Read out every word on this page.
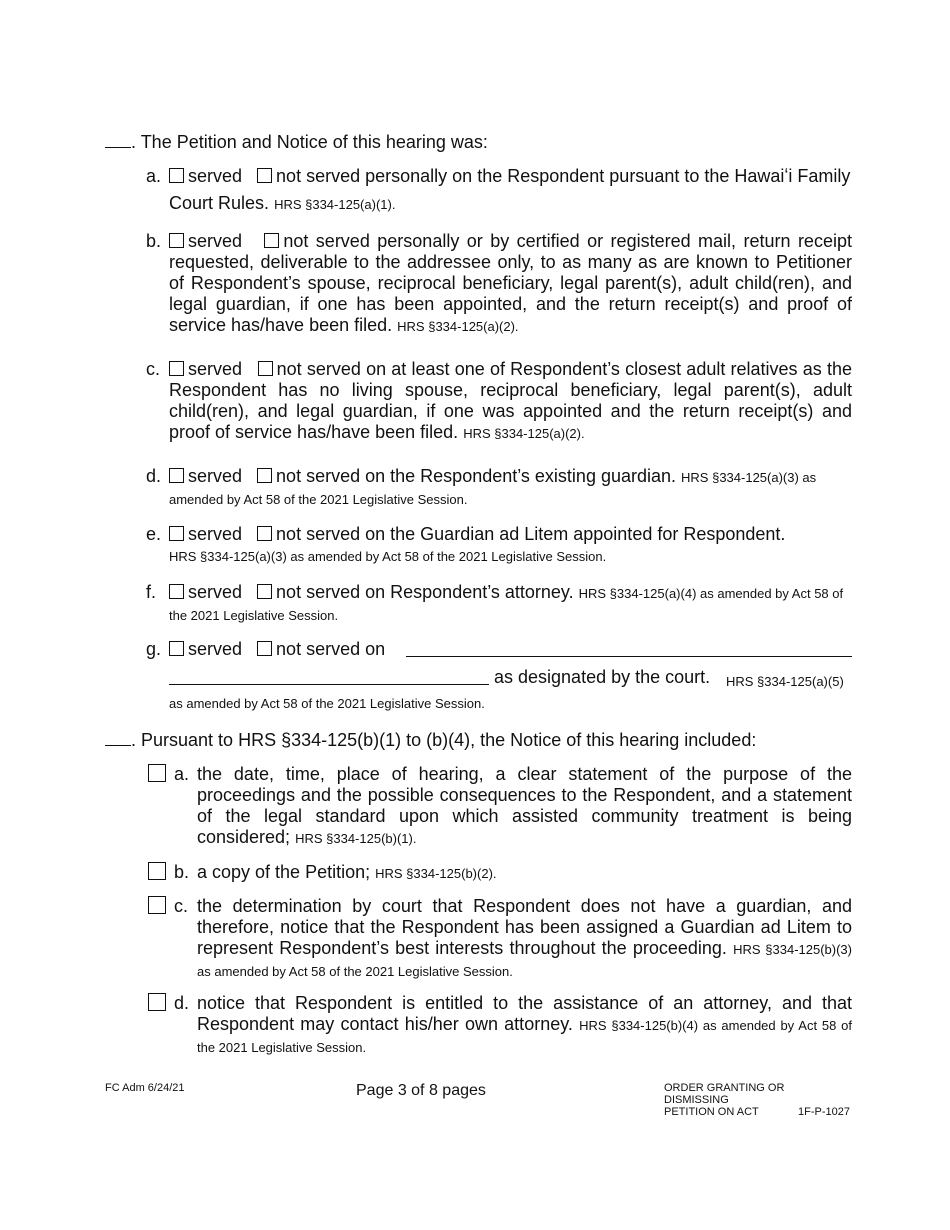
. The Petition and Notice of this hearing was:
a.	served not served personally on the Respondent pursuant to the Hawaiʻi Family Court Rules. HRS §334-125(a)(1).
b.	served not served personally or by certified or registered mail, return receipt requested, deliverable to the addressee only, to as many as are known to Petitioner of Respondent’s spouse, reciprocal beneficiary, legal parent(s), adult child(ren), and legal guardian, if one has been appointed, and the return receipt(s) and proof of service has/have been filed. HRS §334-125(a)(2).
c.	served not served on at least one of Respondent’s closest adult relatives as the Respondent has no living spouse, reciprocal beneficiary, legal parent(s), adult child(ren), and legal guardian, if one was appointed and the return receipt(s) and proof of service has/have been filed. HRS §334-125(a)(2).
d.	served not served on the Respondent’s existing guardian. HRS §334-125(a)(3) as amended by Act 58 of the 2021 Legislative Session.
e.	served not served on the Guardian ad Litem appointed for Respondent.
HRS §334-125(a)(3) as amended by Act 58 of the 2021 Legislative Session.
f.	served not served on Respondent’s attorney. HRS §334-125(a)(4) as amended by Act 58 of the 2021 Legislative Session.
g.	served not served on
as designated by the court.	HRS §334-125(a)(5) as amended by Act 58 of the 2021 Legislative Session.
. Pursuant to HRS §334-125(b)(1) to (b)(4), the Notice of this hearing included:
a. the date, time, place of hearing, a clear statement of the purpose of the proceedings and the possible consequences to the Respondent, and a statement of the legal standard upon which assisted community treatment is being considered; HRS §334-125(b)(1).
b. a copy of the Petition; HRS §334-125(b)(2).
c. the determination by court that Respondent does not have a guardian, and therefore, notice that the Respondent has been assigned a Guardian ad Litem to represent Respondent’s best interests throughout the proceeding. HRS §334-125(b)(3) as amended by Act 58 of the 2021 Legislative Session.
d. notice that Respondent is entitled to the assistance of an attorney, and that Respondent may contact his/her own attorney. HRS §334-125(b)(4) as amended by Act 58 of the 2021 Legislative Session.
FC Adm 6/24/21	Page 3 of 8 pages	ORDER GRANTING OR DISMISSING
PETITION ON ACT	1F-P-1027
